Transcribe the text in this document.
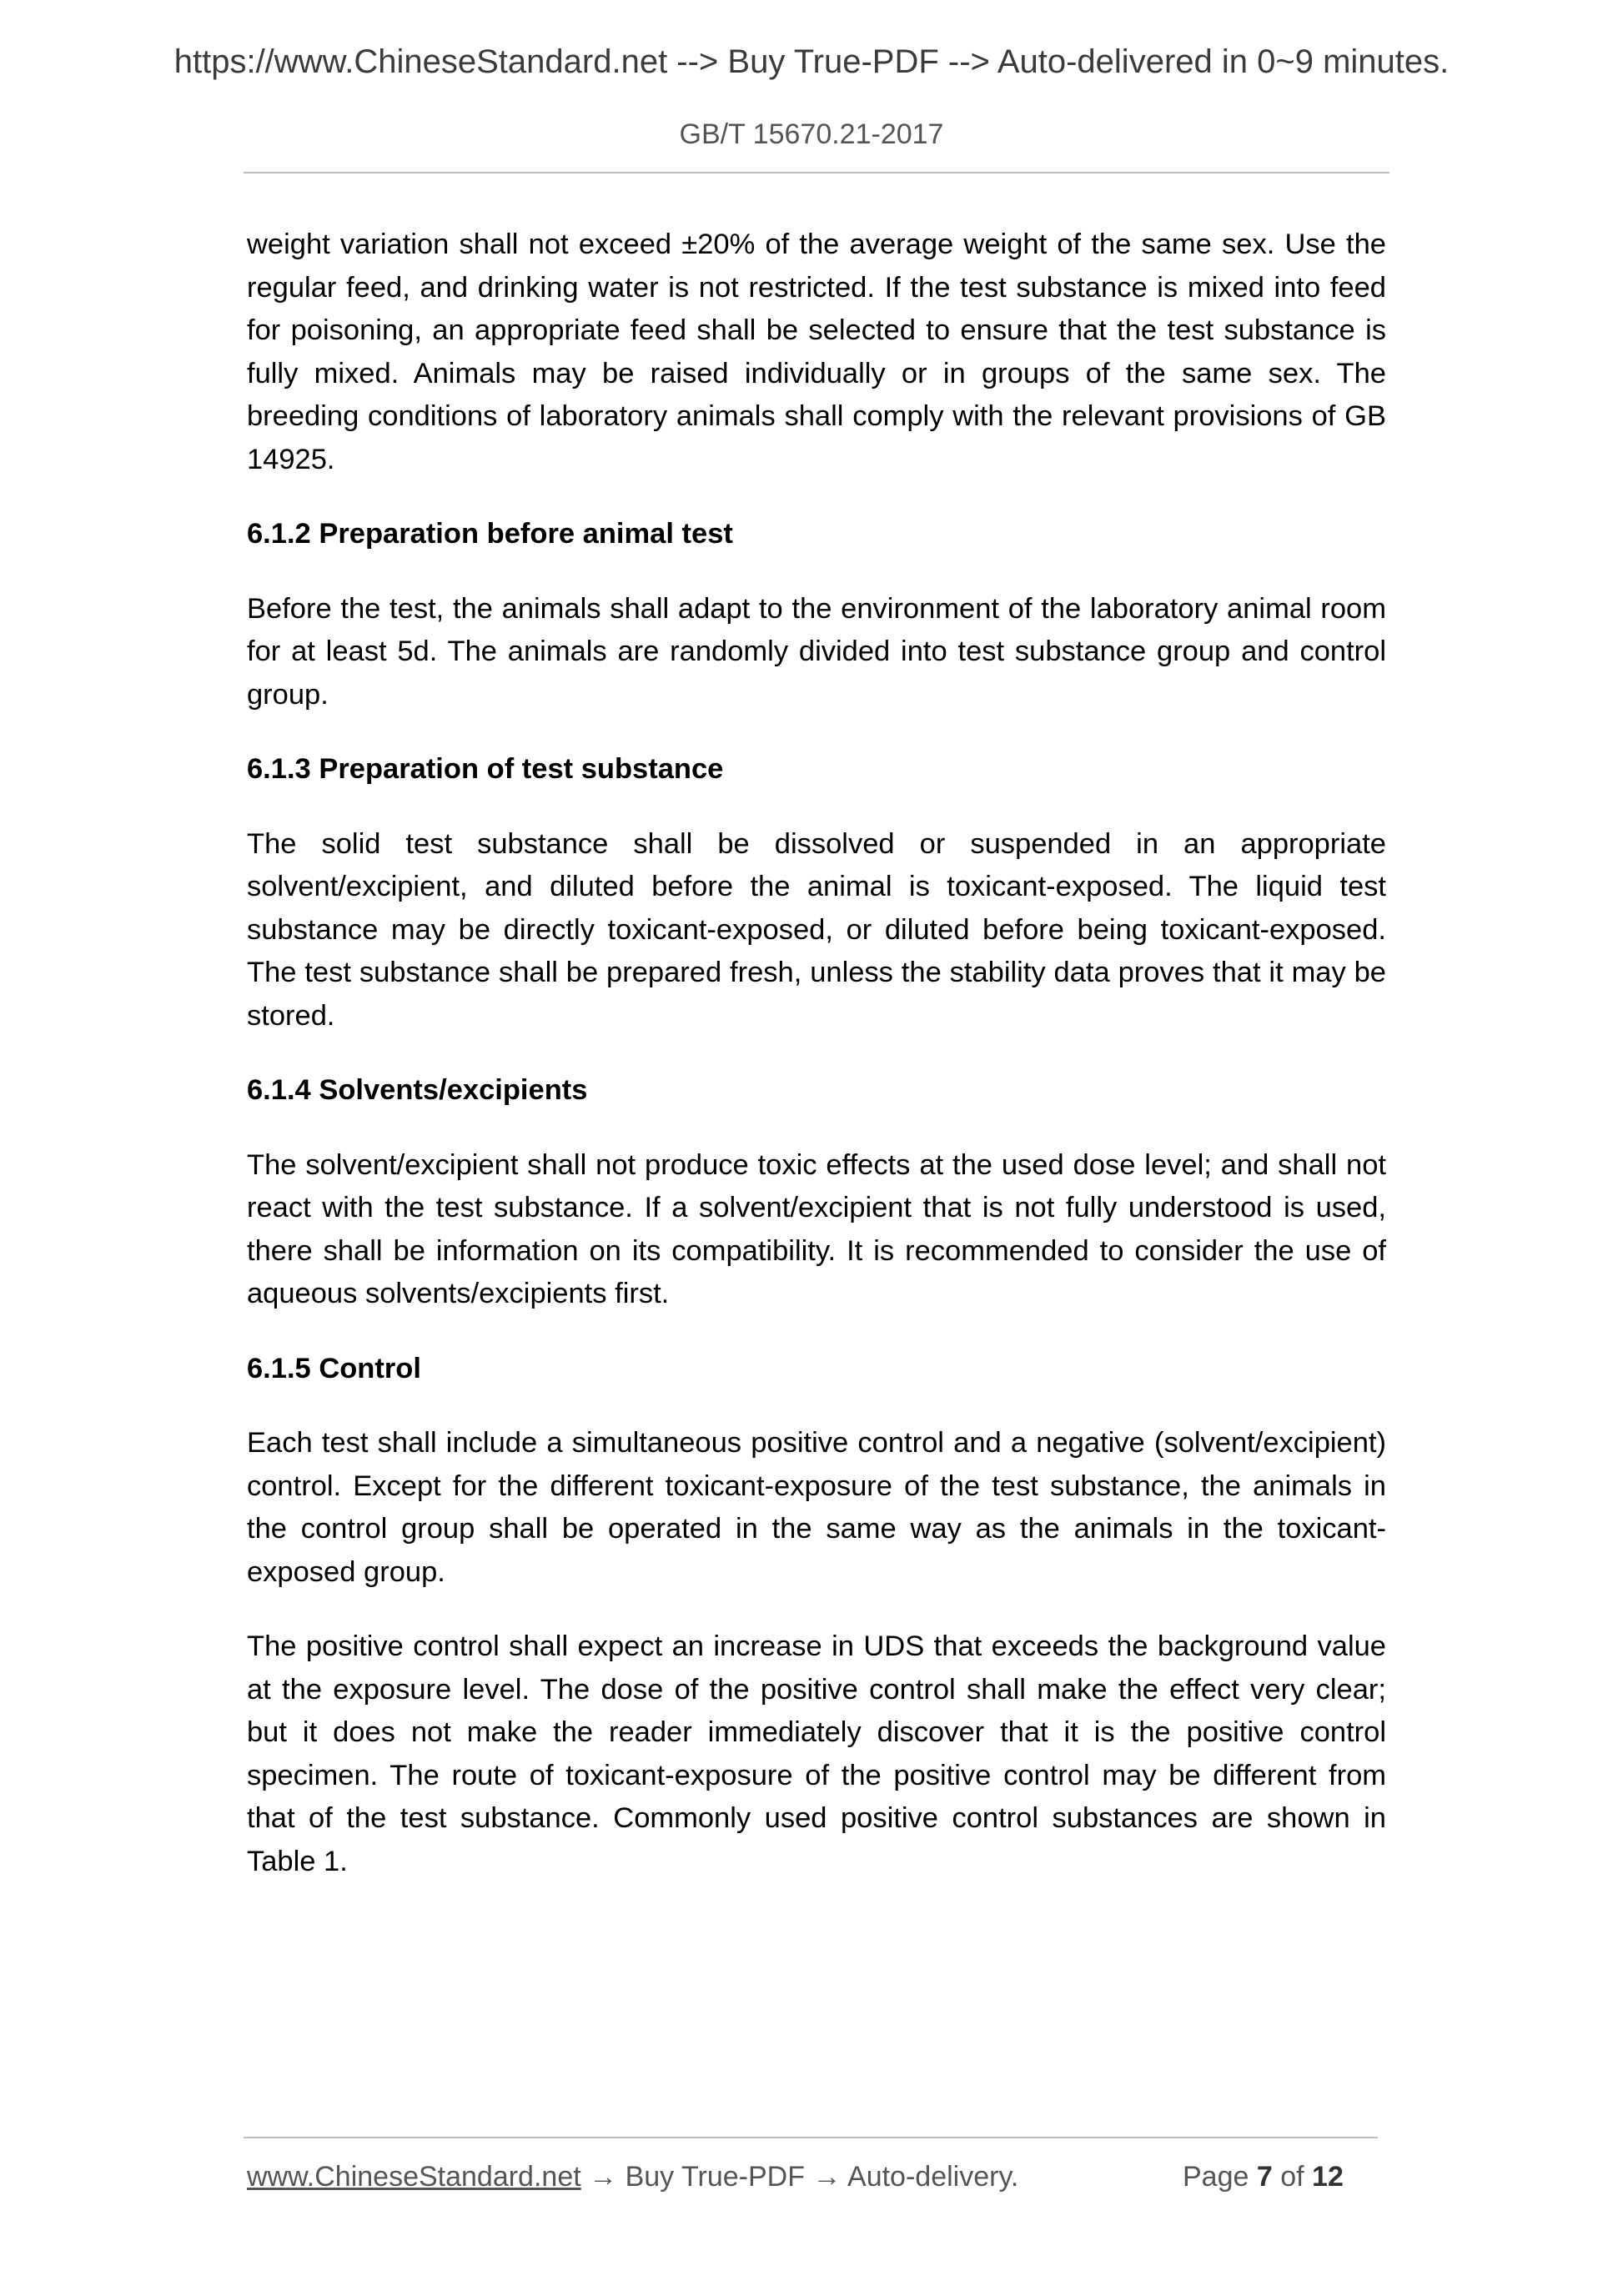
https://www.ChineseStandard.net --> Buy True-PDF --> Auto-delivered in 0~9 minutes.
GB/T 15670.21-2017

weight variation shall not exceed ±20% of the average weight of the same sex. Use the regular feed, and drinking water is not restricted. If the test substance is mixed into feed for poisoning, an appropriate feed shall be selected to ensure that the test substance is fully mixed. Animals may be raised individually or in groups of the same sex. The breeding conditions of laboratory animals shall comply with the relevant provisions of GB 14925.

6.1.2 Preparation before animal test

Before the test, the animals shall adapt to the environment of the laboratory animal room for at least 5d. The animals are randomly divided into test substance group and control group.

6.1.3 Preparation of test substance

The solid test substance shall be dissolved or suspended in an appropriate solvent/excipient, and diluted before the animal is toxicant-exposed. The liquid test substance may be directly toxicant-exposed, or diluted before being toxicant-exposed. The test substance shall be prepared fresh, unless the stability data proves that it may be stored.

6.1.4 Solvents/excipients

The solvent/excipient shall not produce toxic effects at the used dose level; and shall not react with the test substance. If a solvent/excipient that is not fully understood is used, there shall be information on its compatibility. It is recommended to consider the use of aqueous solvents/excipients first.

6.1.5 Control

Each test shall include a simultaneous positive control and a negative (solvent/excipient) control. Except for the different toxicant-exposure of the test substance, the animals in the control group shall be operated in the same way as the animals in the toxicant-exposed group.

The positive control shall expect an increase in UDS that exceeds the background value at the exposure level. The dose of the positive control shall make the effect very clear; but it does not make the reader immediately discover that it is the positive control specimen. The route of toxicant-exposure of the positive control may be different from that of the test substance. Commonly used positive control substances are shown in Table 1.

www.ChineseStandard.net → Buy True-PDF → Auto-delivery.	Page 7 of 12
